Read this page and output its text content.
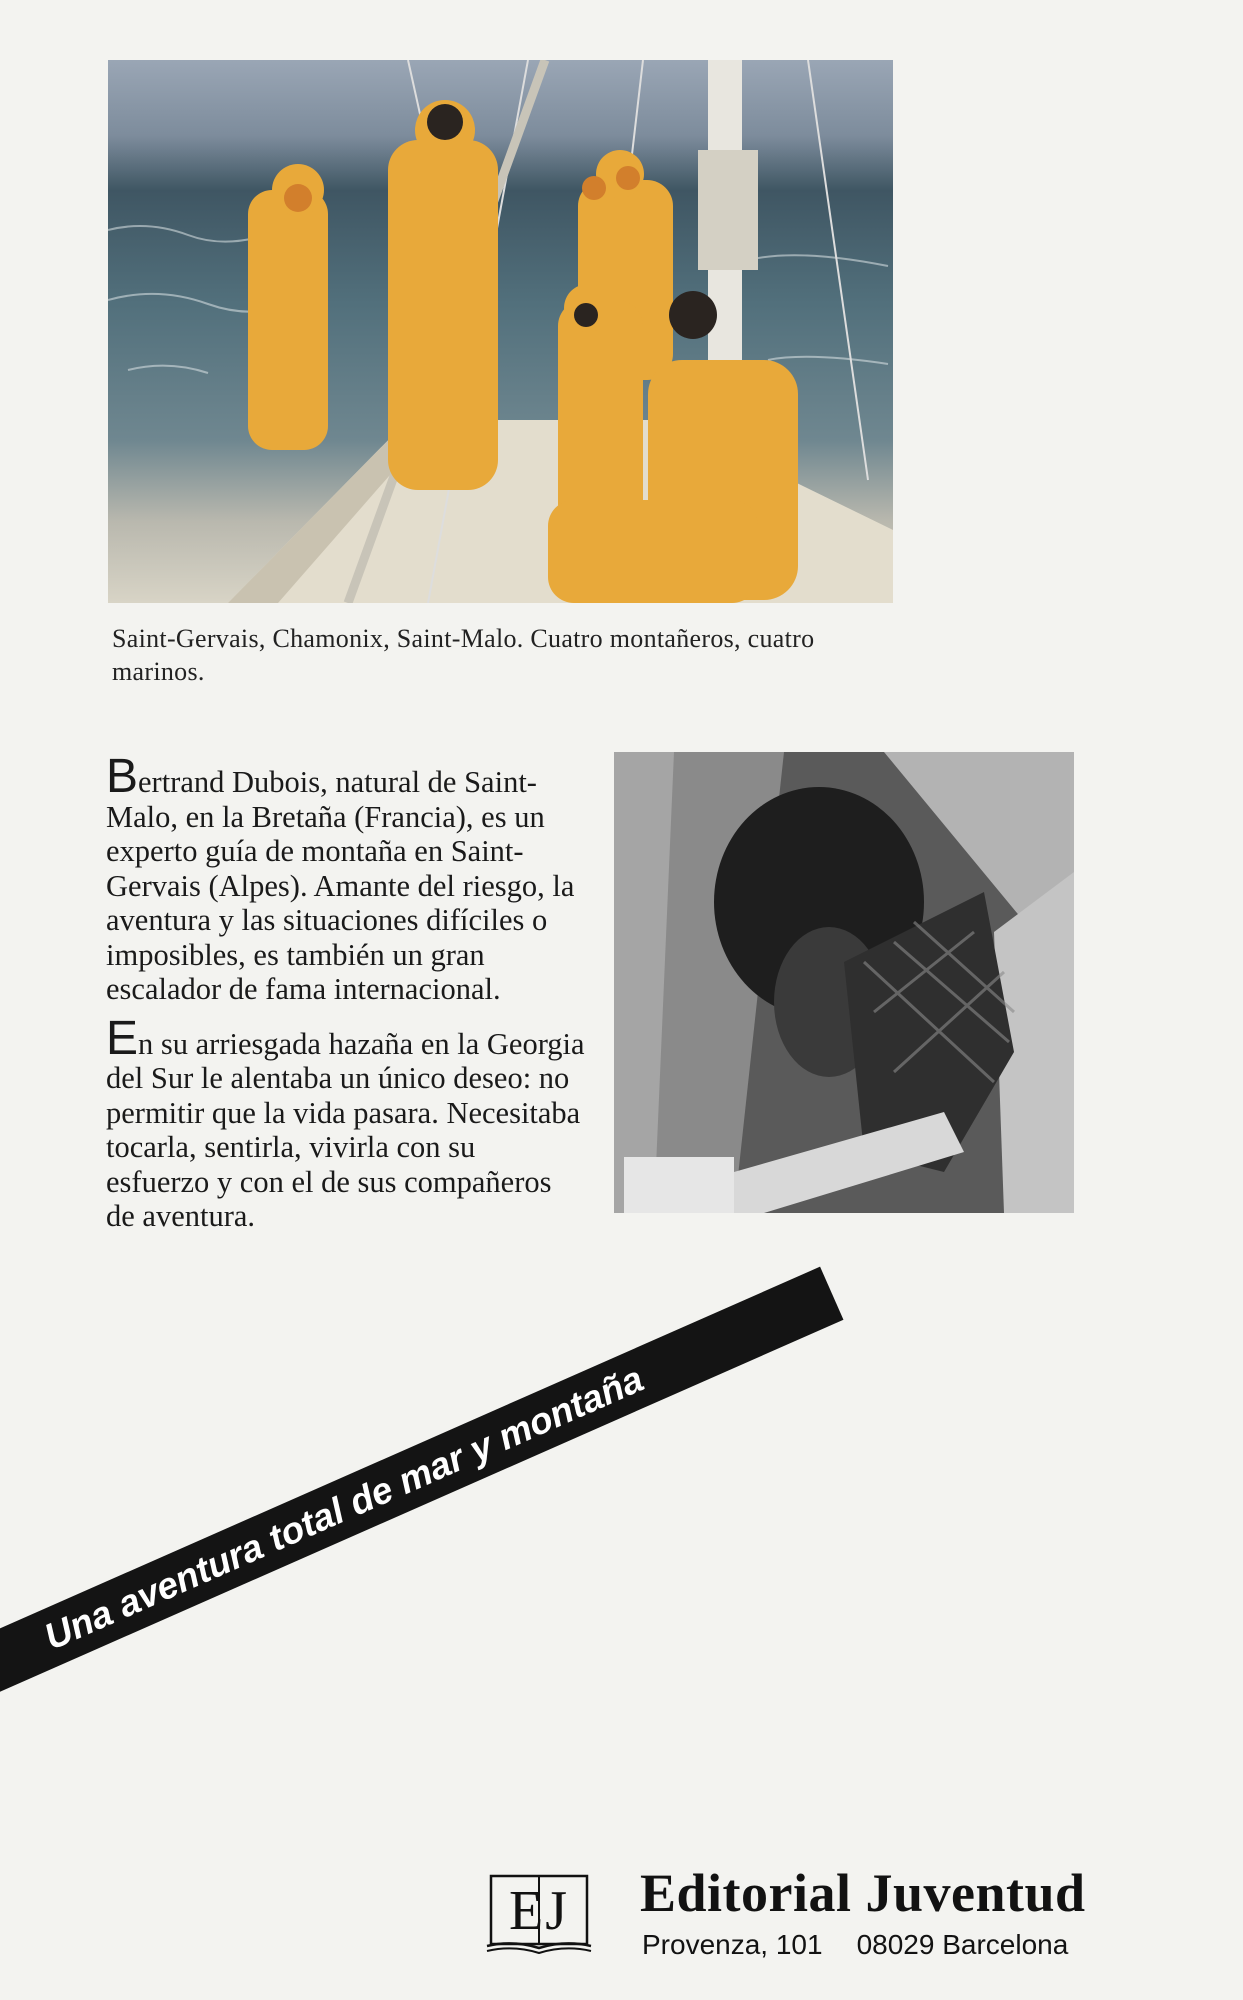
Saint-Gervais, Chamonix, Saint-Malo. Cuatro montañeros, cuatro marinos.

Bertrand Dubois, natural de Saint-Malo, en la Bretaña (Francia), es un experto guía de montaña en Saint-Gervais (Alpes). Amante del riesgo, la aventura y las situaciones difíciles o imposibles, es también un gran escalador de fama internacional.

En su arriesgada hazaña en la Georgia del Sur le alentaba un único deseo: no permitir que la vida pasara. Necesitaba tocarla, sentirla, vivirla con su esfuerzo y con el de sus compañeros de aventura.

Una aventura total de mar y montaña
EJ	Editorial Juventud
Provenza, 101 08029 Barcelona
